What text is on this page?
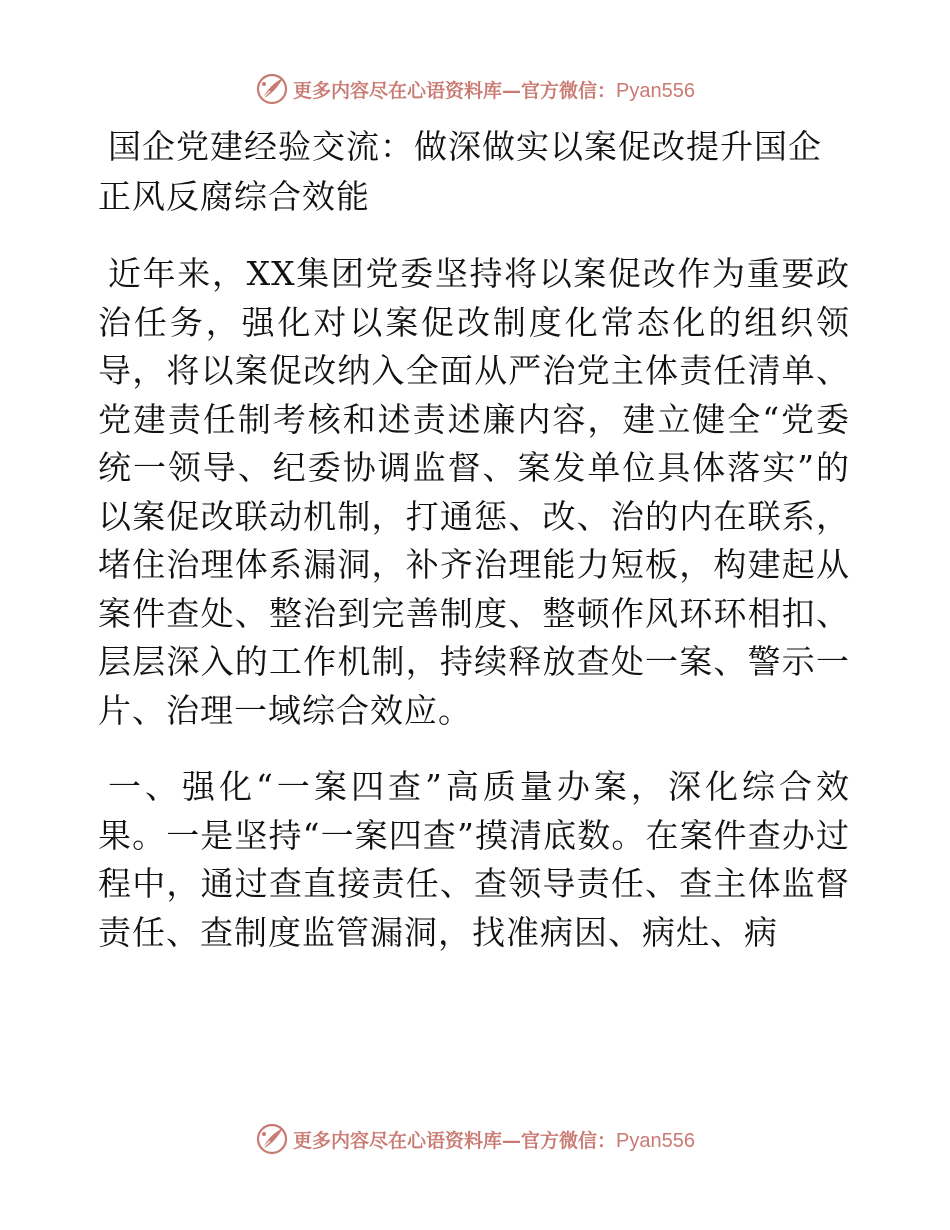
更多内容尽在心语资料库—官方微信：Pyan556
国企党建经验交流：做深做实以案促改提升国企正风反腐综合效能

近年来，XX集团党委坚持将以案促改作为重要政治任务，强化对以案促改制度化常态化的组织领导，将以案促改纳入全面从严治党主体责任清单、党建责任制考核和述责述廉内容，建立健全“党委统一领导、纪委协调监督、案发单位具体落实”的以案促改联动机制，打通惩、改、治的内在联系，堵住治理体系漏洞，补齐治理能力短板，构建起从案件查处、整治到完善制度、整顿作风环环相扣、层层深入的工作机制，持续释放查处一案、警示一片、治理一域综合效应。

一、强化“一案四查”高质量办案，深化综合效果。一是坚持“一案四查”摸清底数。在案件查办过程中，通过查直接责任、查领导责任、查主体监督责任、查制度监管漏洞，找准病因、病灶、病

更多内容尽在心语资料库—官方微信：Pyan556
